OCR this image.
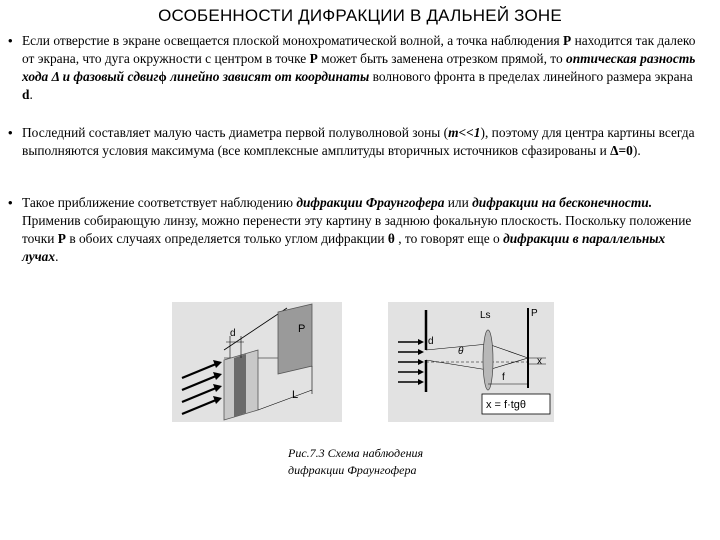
ОСОБЕННОСТИ ДИФРАКЦИИ В ДАЛЬНЕЙ ЗОНЕ
• Если отверстие в экране освещается плоской монохроматической волной, а точка наблюдения P находится так далеко от экрана, что дуга окружности с центром в точке P может быть заменена отрезком прямой, то оптическая разность хода Δ и фазовый сдвигϕ линейно зависят от координаты волнового фронта в пределах линейного размера экрана d.
• Последний составляет малую часть диаметра первой полуволновой зоны (m<<1), поэтому для центра картины всегда выполняются условия максимума (все комплексные амплитуды вторичных источников сфазированы и Δ=0).
• Такое приближение соответствует наблюдению дифракции Фраунгофера или дифракции на бесконечности. Применив собирающую линзу, можно перенести эту картину в заднюю фокальную плоскость. Поскольку положение точки P в обоих случаях определяется только углом дифракции θ , то говорят еще о дифракции в параллельных лучах.
d	P
L
d
θ
Ls	P
x
f
x = f·tgθ
Рис.7.3 Схема наблюдения
дифракции Фраунгофера
